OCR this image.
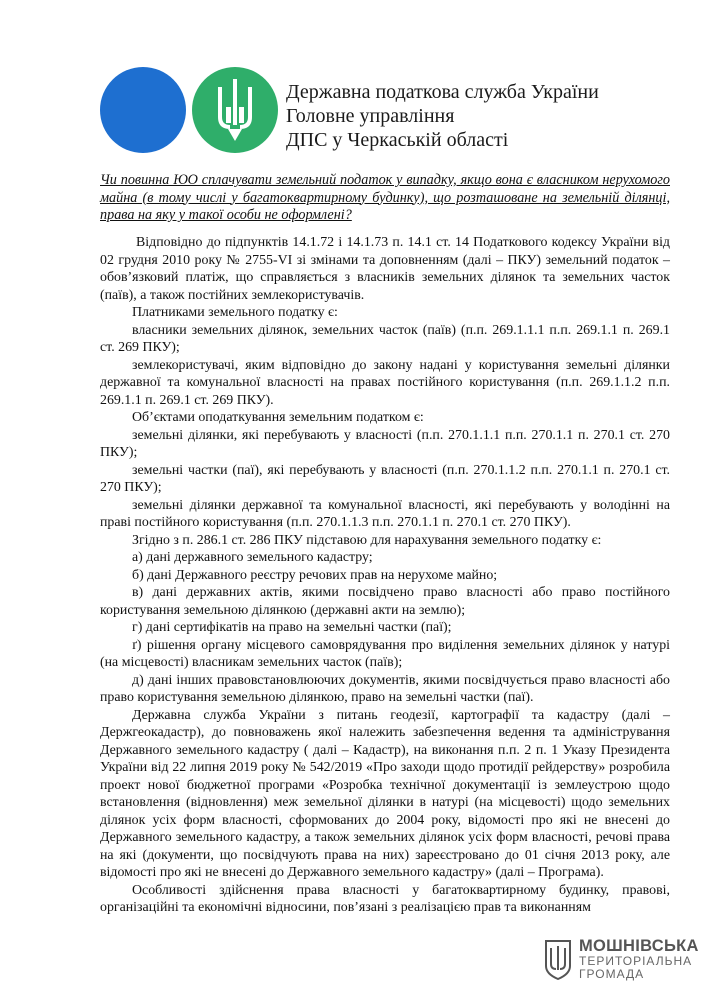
Державна податкова служба України
Головне управління
ДПС у Черкаській області
Чи повинна ЮО сплачувати земельний податок у випадку, якщо вона є власником нерухомого майна (в тому числі у багатоквартирному будинку), що розташоване на земельній ділянці, права на яку у такої особи не оформлені?

Відповідно до підпунктів 14.1.72 і 14.1.73 п. 14.1 ст. 14 Податкового кодексу України від 02 грудня 2010 року № 2755-VI зі змінами та доповненням (далі – ПКУ) земельний податок – обов’язковий платіж, що справляється з власників земельних ділянок та земельних часток (паїв), а також постійних землекористувачів.

Платниками земельного податку є:

власники земельних ділянок, земельних часток (паїв) (п.п. 269.1.1.1 п.п. 269.1.1 п. 269.1 ст. 269 ПКУ);

землекористувачі, яким відповідно до закону надані у користування земельні ділянки державної та комунальної власності на правах постійного користування (п.п. 269.1.1.2 п.п. 269.1.1 п. 269.1 ст. 269 ПКУ).

Об’єктами оподаткування земельним податком є:

земельні ділянки, які перебувають у власності (п.п. 270.1.1.1 п.п. 270.1.1 п. 270.1 ст. 270 ПКУ);

земельні частки (паї), які перебувають у власності (п.п. 270.1.1.2 п.п. 270.1.1 п. 270.1 ст. 270 ПКУ);

земельні ділянки державної та комунальної власності, які перебувають у володінні на праві постійного користування (п.п. 270.1.1.3 п.п. 270.1.1 п. 270.1 ст. 270 ПКУ).

Згідно з п. 286.1 ст. 286 ПКУ підставою для нарахування земельного податку є:

а) дані державного земельного кадастру;

б) дані Державного реєстру речових прав на нерухоме майно;

в) дані державних актів, якими посвідчено право власності або право постійного користування земельною ділянкою (державні акти на землю);

г) дані сертифікатів на право на земельні частки (паї);

ґ) рішення органу місцевого самоврядування про виділення земельних ділянок у натурі (на місцевості) власникам земельних часток (паїв);

д) дані інших правовстановлюючих документів, якими посвідчується право власності або право користування земельною ділянкою, право на земельні частки (паї).

Державна служба України з питань геодезії, картографії та кадастру (далі – Держгеокадастр), до повноважень якої належить забезпечення ведення та адміністрування Державного земельного кадастру ( далі – Кадастр), на виконання п.п. 2 п. 1 Указу Президента України від 22 липня 2019 року № 542/2019 «Про заходи щодо протидії рейдерству» розробила проект нової бюджетної програми «Розробка технічної документації із землеустрою щодо встановлення (відновлення) меж земельної ділянки в натурі (на місцевості) щодо земельних ділянок усіх форм власності, сформованих до 2004 року, відомості про які не внесені до Державного земельного кадастру, а також земельних ділянок усіх форм власності, речові права на які (документи, що посвідчують права на них) зареєстровано до 01 січня 2013 року, але відомості про які не внесені до Державного земельного кадастру» (далі – Програма).

Особливості здійснення права власності у багатоквартирному будинку, правові, організаційні та економічні відносини, пов’язані з реалізацією прав та виконанням

МОШНІВСЬКА
ТЕРИТОРІАЛЬНА
ГРОМАДА
